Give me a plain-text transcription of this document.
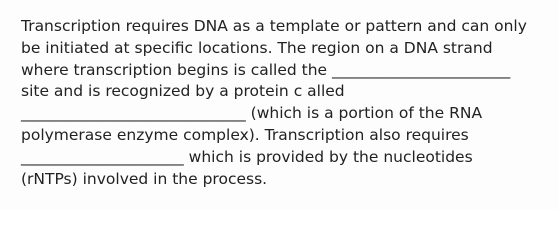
Transcription requires DNA as a template or pattern and can only
be initiated at specific locations. The region on a DNA strand
where transcription begins is called the _______________________
site and is recognized by a protein c alled
_____________________________ (which is a portion of the RNA
polymerase enzyme complex). Transcription also requires
_____________________ which is provided by the nucleotides
(rNTPs) involved in the process.
